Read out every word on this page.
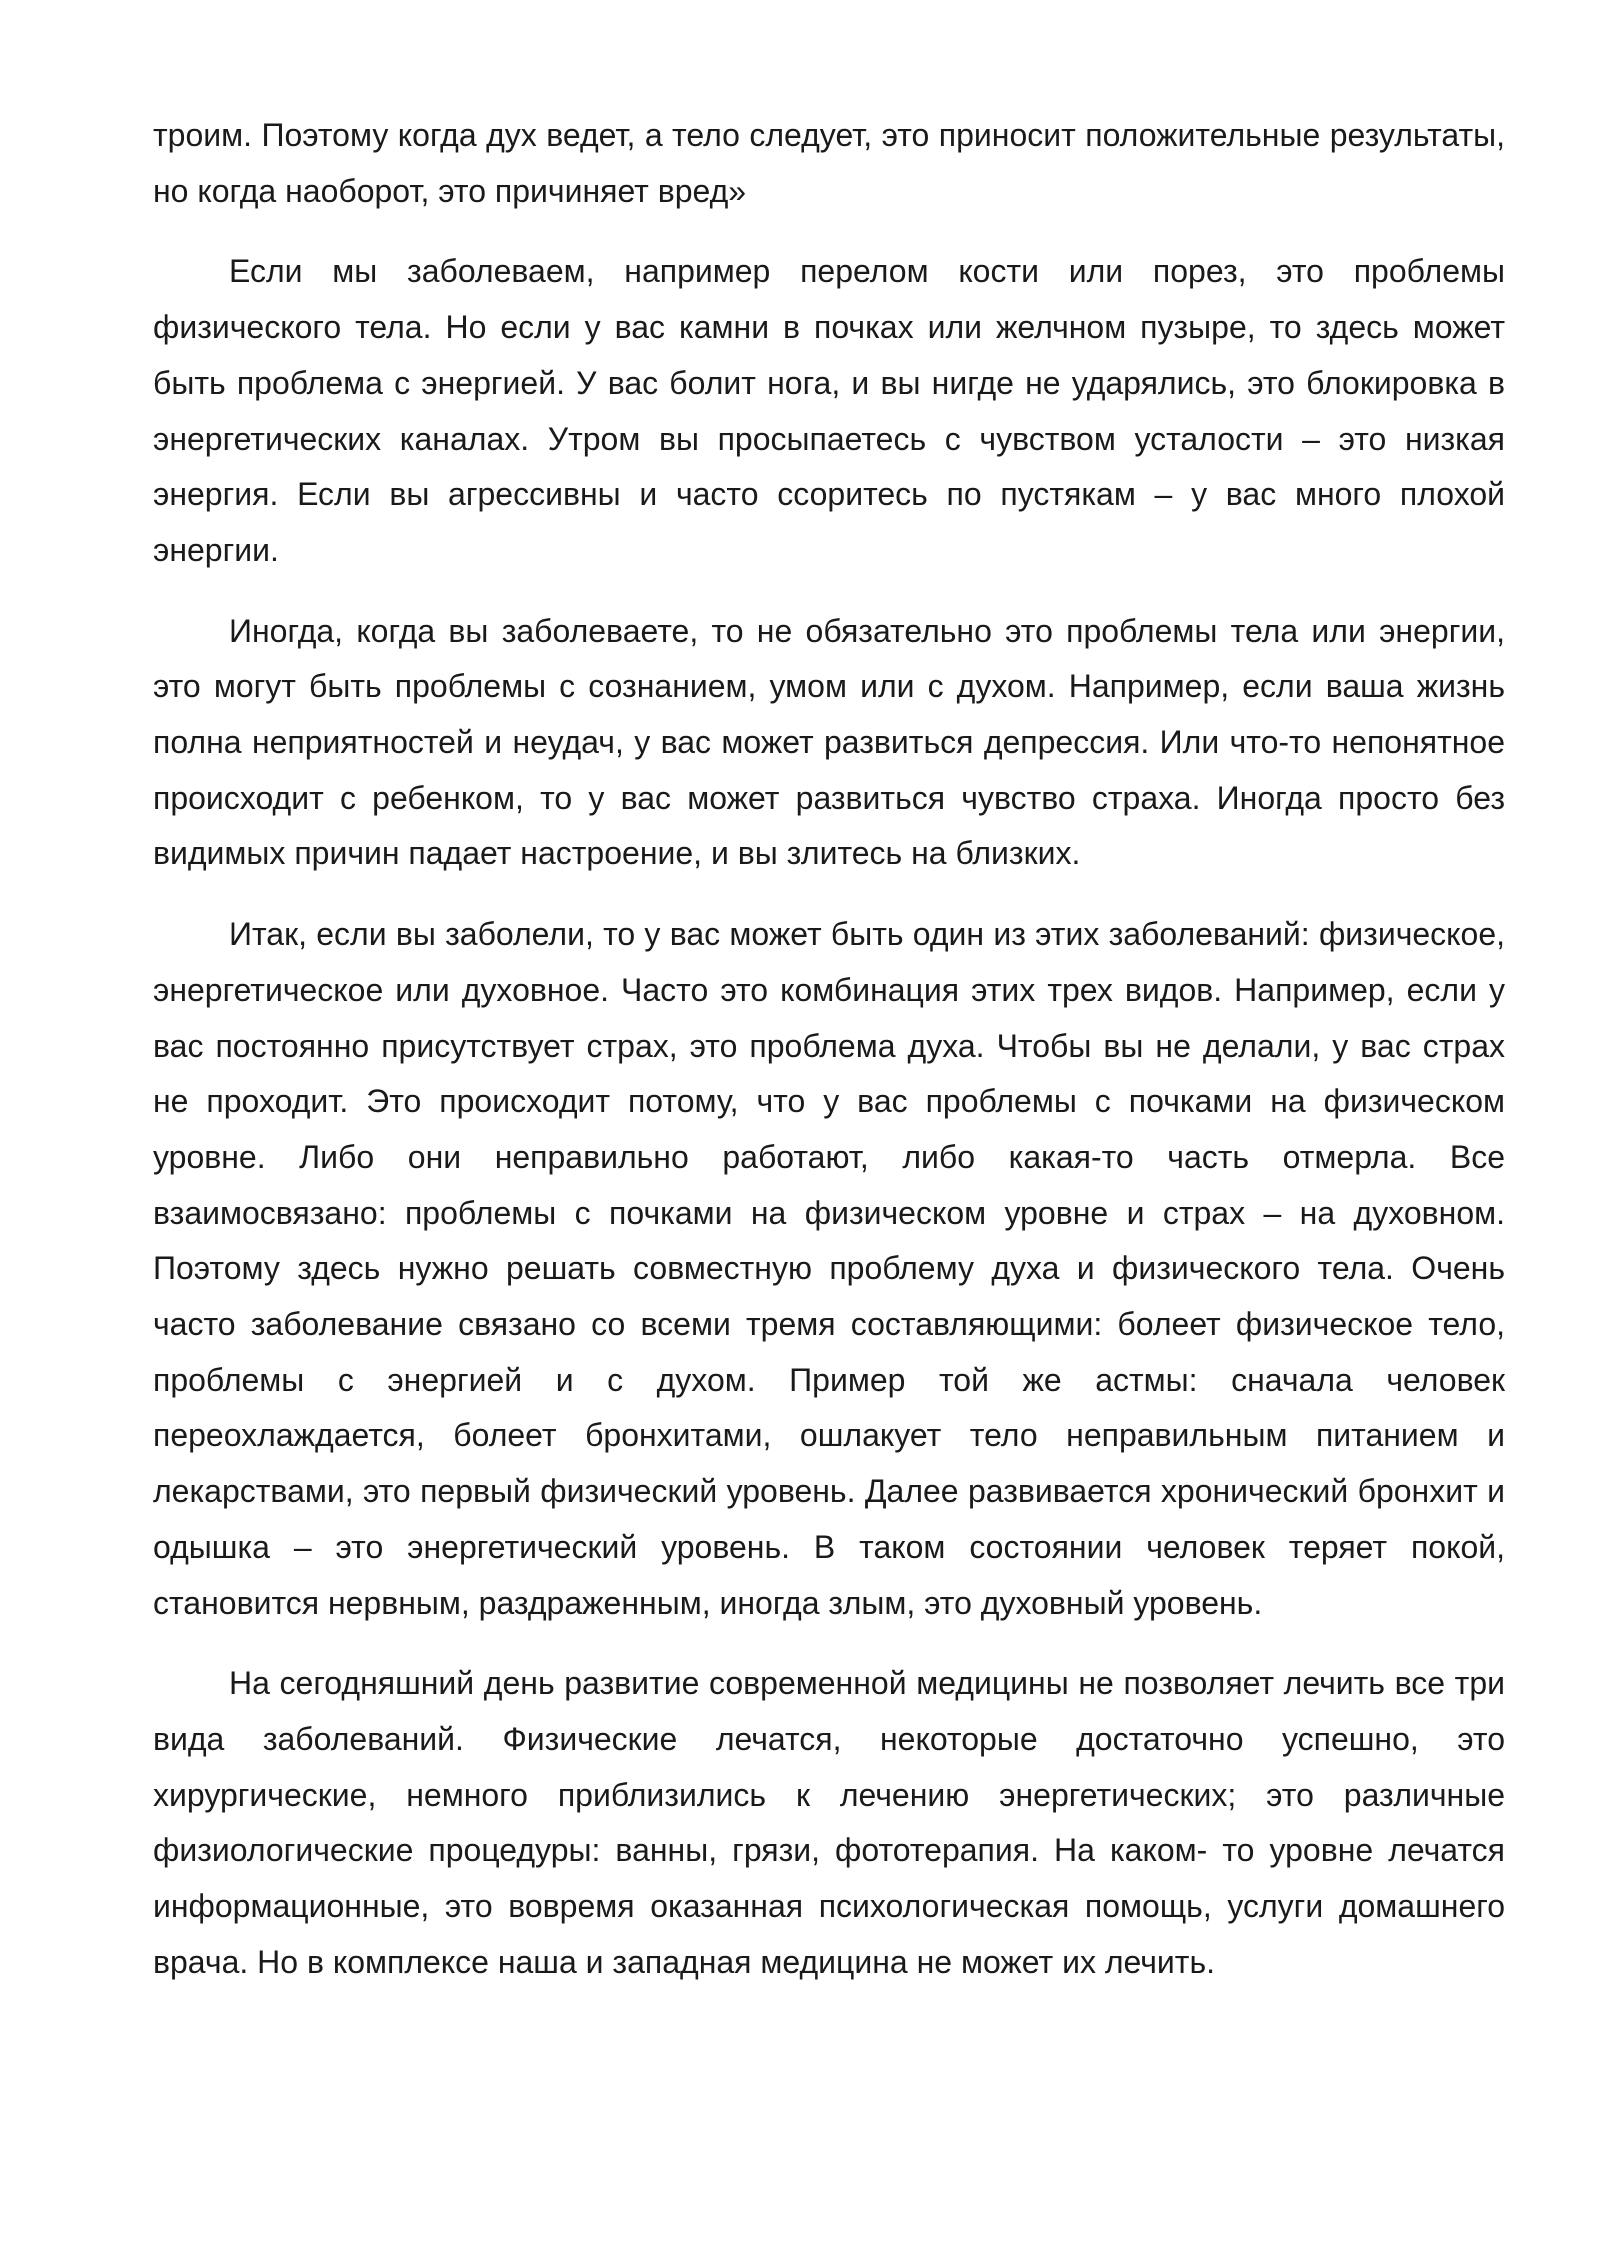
троим. Поэтому когда дух ведет, а тело следует, это приносит положительные результаты, но когда наоборот, это причиняет вред»

Если мы заболеваем, например перелом кости или порез, это проблемы физического тела. Но если у вас камни в почках или желчном пузыре, то здесь может быть проблема с энергией. У вас болит нога, и вы нигде не ударялись, это блокировка в энергетических каналах. Утром вы просыпаетесь с чувством усталости – это низкая энергия. Если вы агрессивны и часто ссоритесь по пустякам – у вас много плохой энергии.

Иногда, когда вы заболеваете, то не обязательно это проблемы тела или энергии, это могут быть проблемы с сознанием, умом или с духом. Например, если ваша жизнь полна неприятностей и неудач, у вас может развиться депрессия. Или что-то непонятное происходит с ребенком, то у вас может развиться чувство страха. Иногда просто без видимых причин падает настроение, и вы злитесь на близких.

Итак, если вы заболели, то у вас может быть один из этих заболеваний: физическое, энергетическое или духовное. Часто это комбинация этих трех видов. Например, если у вас постоянно присутствует страх, это проблема духа. Чтобы вы не делали, у вас страх не проходит. Это происходит потому, что у вас проблемы с почками на физическом уровне. Либо они неправильно работают, либо какая-то часть отмерла. Все взаимосвязано: проблемы с почками на физическом уровне и страх – на духовном. Поэтому здесь нужно решать совместную проблему духа и физического тела. Очень часто заболевание связано со всеми тремя составляющими: болеет физическое тело, проблемы с энергией и с духом. Пример той же астмы: сначала человек переохлаждается, болеет бронхитами, ошлакует тело неправильным питанием и лекарствами, это первый физический уровень. Далее развивается хронический бронхит и одышка – это энергетический уровень. В таком состоянии человек теряет покой, становится нервным, раздраженным, иногда злым, это духовный уровень.

На сегодняшний день развитие современной медицины не позволяет лечить все три вида заболеваний. Физические лечатся, некоторые достаточно успешно, это хирургические, немного приблизились к лечению энергетических; это различные физиологические процедуры: ванны, грязи, фототерапия. На каком- то уровне лечатся информационные, это вовремя оказанная психологическая помощь, услуги домашнего врача. Но в комплексе наша и западная медицина не может их лечить.
